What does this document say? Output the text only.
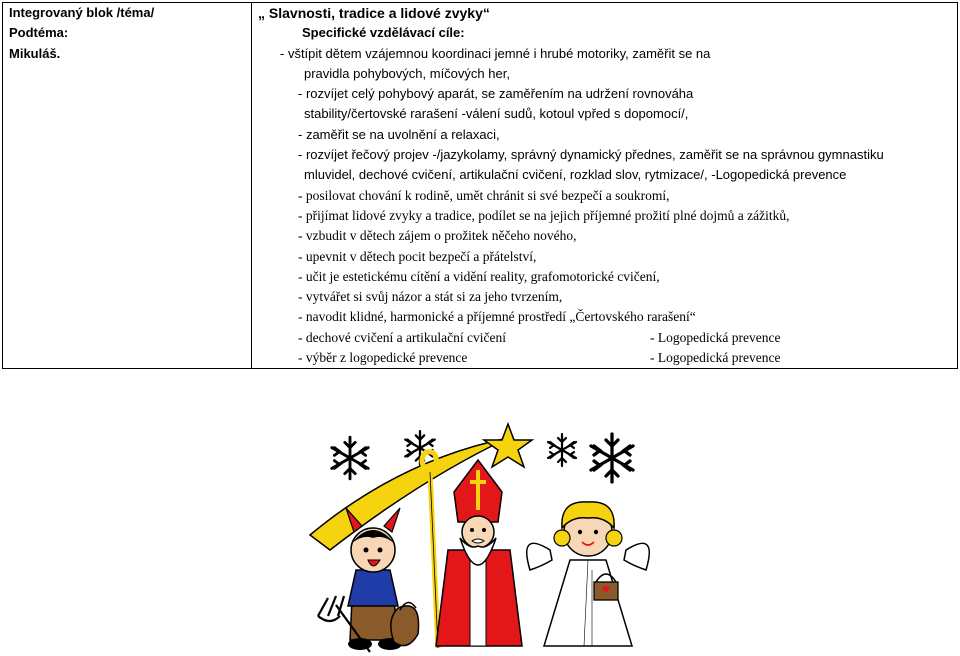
Integrovaný blok /téma/
Podtéma:
Mikuláš.

„ Slavnosti, tradice a lidové zvyky“
Specifické vzdělávací cíle:
- vštípit dětem vzájemnou koordinaci jemné i hrubé motoriky, zaměřit se na
pravidla pohybových, míčových her,
- rozvíjet celý pohybový aparát, se zaměřením na udržení rovnováha
stability/čertovské rarašení -válení sudů, kotoul vpřed s dopomocí/,
- zaměřit se na uvolnění a relaxaci,
- rozvíjet řečový projev -/jazykolamy, správný dynamický přednes, zaměřit se na správnou gymnastiku
mluvidel, dechové cvičení, artikulační cvičení, rozklad slov, rytmizace/, -Logopedická prevence
- posilovat chování k rodině, umět chránit si své bezpečí a soukromí,
- přijímat lidové zvyky a tradice, podílet se na jejich příjemné prožití plné dojmů a zážitků,
- vzbudit v dětech zájem o prožitek něčeho nového,
- upevnit v dětech pocit bezpečí a přátelství,
- učit je estetickému cítění a vidění reality, grafomotorické cvičení,
- vytvářet si svůj názor a stát si za jeho tvrzením,
- navodit klidné, harmonické a příjemné prostředí „Čertovského rarašení“
- dechové cvičení a artikulační cvičení	- Logopedická prevence
- výběr z logopedické prevence	- Logopedická prevence
